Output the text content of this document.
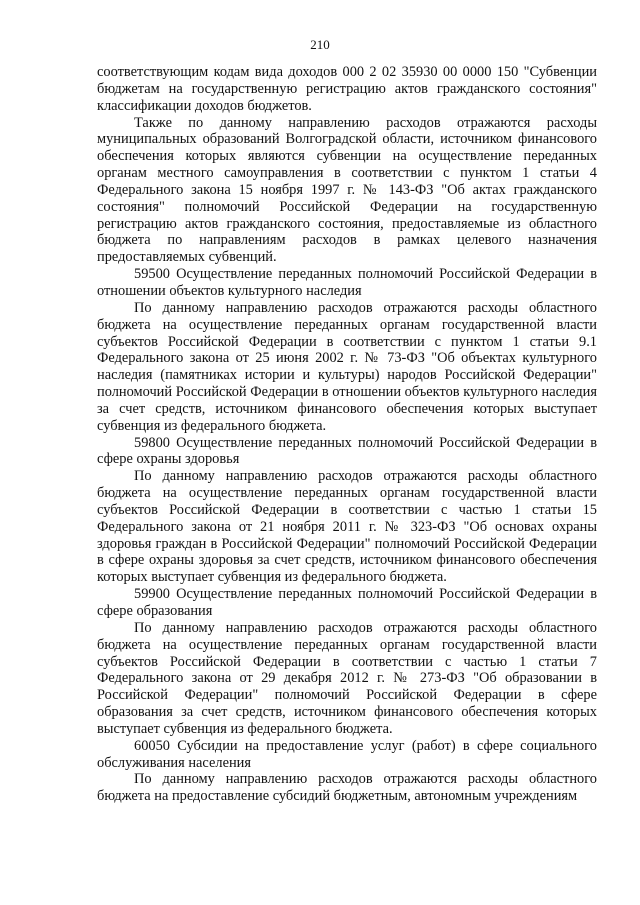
210

соответствующим кодам вида доходов 000 2 02 35930 00 0000 150 "Субвенции бюджетам на государственную регистрацию актов гражданского состояния" классификации доходов бюджетов.

Также по данному направлению расходов отражаются расходы муниципальных образований Волгоградской области, источником финансового обеспечения которых являются субвенции на осуществление переданных органам местного самоуправления в соответствии с пунктом 1 статьи 4 Федерального закона 15 ноября 1997 г. № 143-ФЗ "Об актах гражданского состояния" полномочий Российской Федерации на государственную регистрацию актов гражданского состояния, предоставляемые из областного бюджета по направлениям расходов в рамках целевого назначения предоставляемых субвенций.

59500 Осуществление переданных полномочий Российской Федерации в отношении объектов культурного наследия

По данному направлению расходов отражаются расходы областного бюджета на осуществление переданных органам государственной власти субъектов Российской Федерации в соответствии с пунктом 1 статьи 9.1 Федерального закона от 25 июня 2002 г. № 73-ФЗ "Об объектах культурного наследия (памятниках истории и культуры) народов Российской Федерации" полномочий Российской Федерации в отношении объектов культурного наследия за счет средств, источником финансового обеспечения которых выступает субвенция из федерального бюджета.

59800 Осуществление переданных полномочий Российской Федерации в сфере охраны здоровья

По данному направлению расходов отражаются расходы областного бюджета на осуществление переданных органам государственной власти субъектов Российской Федерации в соответствии с частью 1 статьи 15 Федерального закона от 21 ноября 2011 г. № 323-ФЗ "Об основах охраны здоровья граждан в Российской Федерации" полномочий Российской Федерации в сфере охраны здоровья за счет средств, источником финансового обеспечения которых выступает субвенция из федерального бюджета.

59900 Осуществление переданных полномочий Российской Федерации в сфере образования

По данному направлению расходов отражаются расходы областного бюджета на осуществление переданных органам государственной власти субъектов Российской Федерации в соответствии с частью 1 статьи 7 Федерального закона от 29 декабря 2012 г. № 273-ФЗ "Об образовании в Российской Федерации" полномочий Российской Федерации в сфере образования за счет средств, источником финансового обеспечения которых выступает субвенция из федерального бюджета.

60050 Субсидии на предоставление услуг (работ) в сфере социального обслуживания населения

По данному направлению расходов отражаются расходы областного бюджета на предоставление субсидий бюджетным, автономным учреждениям
